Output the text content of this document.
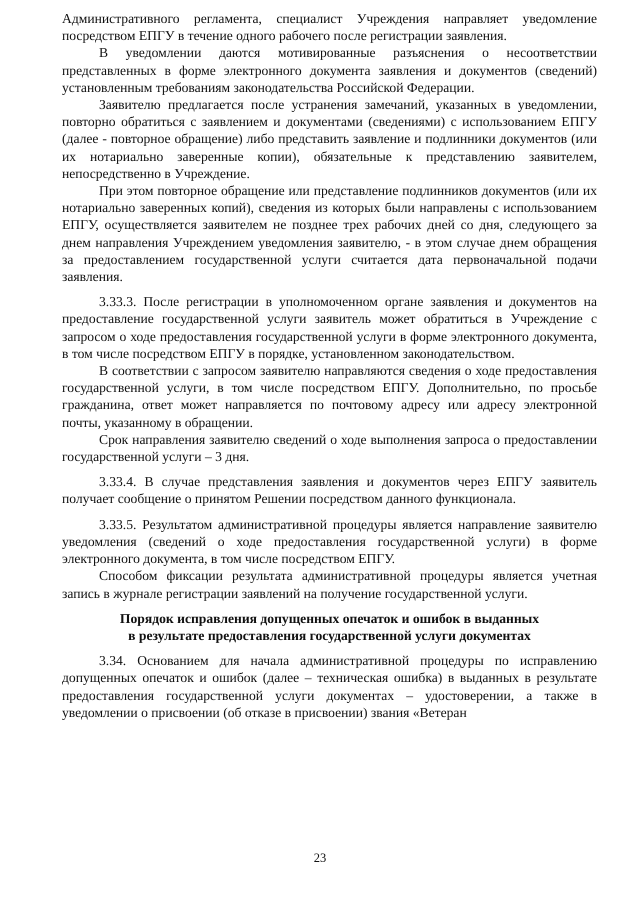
Административного регламента, специалист Учреждения направляет уведомление посредством ЕПГУ в течение одного рабочего после регистрации заявления.

В уведомлении даются мотивированные разъяснения о несоответствии представленных в форме электронного документа заявления и документов (сведений) установленным требованиям законодательства Российской Федерации.

Заявителю предлагается после устранения замечаний, указанных в уведомлении, повторно обратиться с заявлением и документами (сведениями) с использованием ЕПГУ (далее - повторное обращение) либо представить заявление и подлинники документов (или их нотариально заверенные копии), обязательные к представлению заявителем, непосредственно в Учреждение.

При этом повторное обращение или представление подлинников документов (или их нотариально заверенных копий), сведения из которых были направлены с использованием ЕПГУ, осуществляется заявителем не позднее трех рабочих дней со дня, следующего за днем направления Учреждением уведомления заявителю, - в этом случае днем обращения за предоставлением государственной услуги считается дата первоначальной подачи заявления.

3.33.3. После регистрации в уполномоченном органе заявления и документов на предоставление государственной услуги заявитель может обратиться в Учреждение с запросом о ходе предоставления государственной услуги в форме электронного документа, в том числе посредством ЕПГУ в порядке, установленном законодательством.

В соответствии с запросом заявителю направляются сведения о ходе предоставления государственной услуги, в том числе посредством ЕПГУ. Дополнительно, по просьбе гражданина, ответ может направляется по почтовому адресу или адресу электронной почты, указанному в обращении.

Срок направления заявителю сведений о ходе выполнения запроса о предоставлении государственной услуги – 3 дня.

3.33.4. В случае представления заявления и документов через ЕПГУ заявитель получает сообщение о принятом Решении посредством данного функционала.

3.33.5. Результатом административной процедуры является направление заявителю уведомления (сведений о ходе предоставления государственной услуги) в форме электронного документа, в том числе посредством ЕПГУ.

Способом фиксации результата административной процедуры является учетная запись в журнале регистрации заявлений на получение государственной услуги.

Порядок исправления допущенных опечаток и ошибок в выданных
в результате предоставления государственной услуги документах

3.34. Основанием для начала административной процедуры по исправлению допущенных опечаток и ошибок (далее – техническая ошибка) в выданных в результате предоставления государственной услуги документах – удостоверении, а также в уведомлении о присвоении (об отказе в присвоении) звания «Ветеран

23
